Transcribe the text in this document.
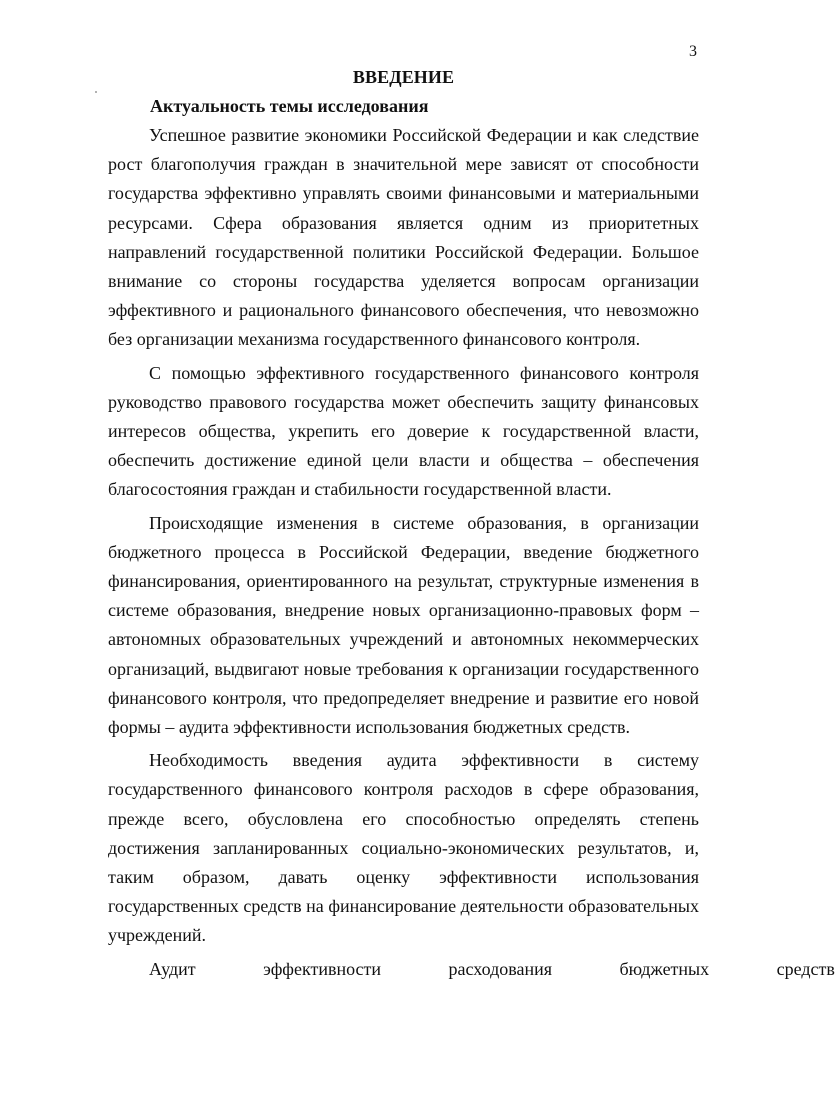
3
ВВЕДЕНИЕ
Актуальность темы исследования

Успешное развитие экономики Российской Федерации и как следствие рост благополучия граждан в значительной мере зависят от способности государства эффективно управлять своими финансовыми и материальными ресурсами. Сфера образования является одним из приоритетных направлений государственной политики Российской Федерации. Большое внимание со стороны государства уделяется вопросам организации эффективного и рационального финансового обеспечения, что невозможно без организации механизма государственного финансового контроля.

С помощью эффективного государственного финансового контроля руководство правового государства может обеспечить защиту финансовых интересов общества, укрепить его доверие к государственной власти, обеспечить достижение единой цели власти и общества – обеспечения благосостояния граждан и стабильности государственной власти.

Происходящие изменения в системе образования, в организации бюджетного процесса в Российской Федерации, введение бюджетного финансирования, ориентированного на результат, структурные изменения в системе образования, внедрение новых организационно-правовых форм – автономных образовательных учреждений и автономных некоммерческих организаций, выдвигают новые требования к организации государственного финансового контроля, что предопределяет внедрение и развитие его новой формы – аудита эффективности использования бюджетных средств.

Необходимость введения аудита эффективности в систему государственного финансового контроля расходов в сфере образования, прежде всего, обусловлена его способностью определять степень достижения запланированных социально-экономических результатов, и, таким образом, давать оценку эффективности использования государственных средств на финансирование деятельности образовательных учреждений.

Аудит эффективности расходования бюджетных средств
